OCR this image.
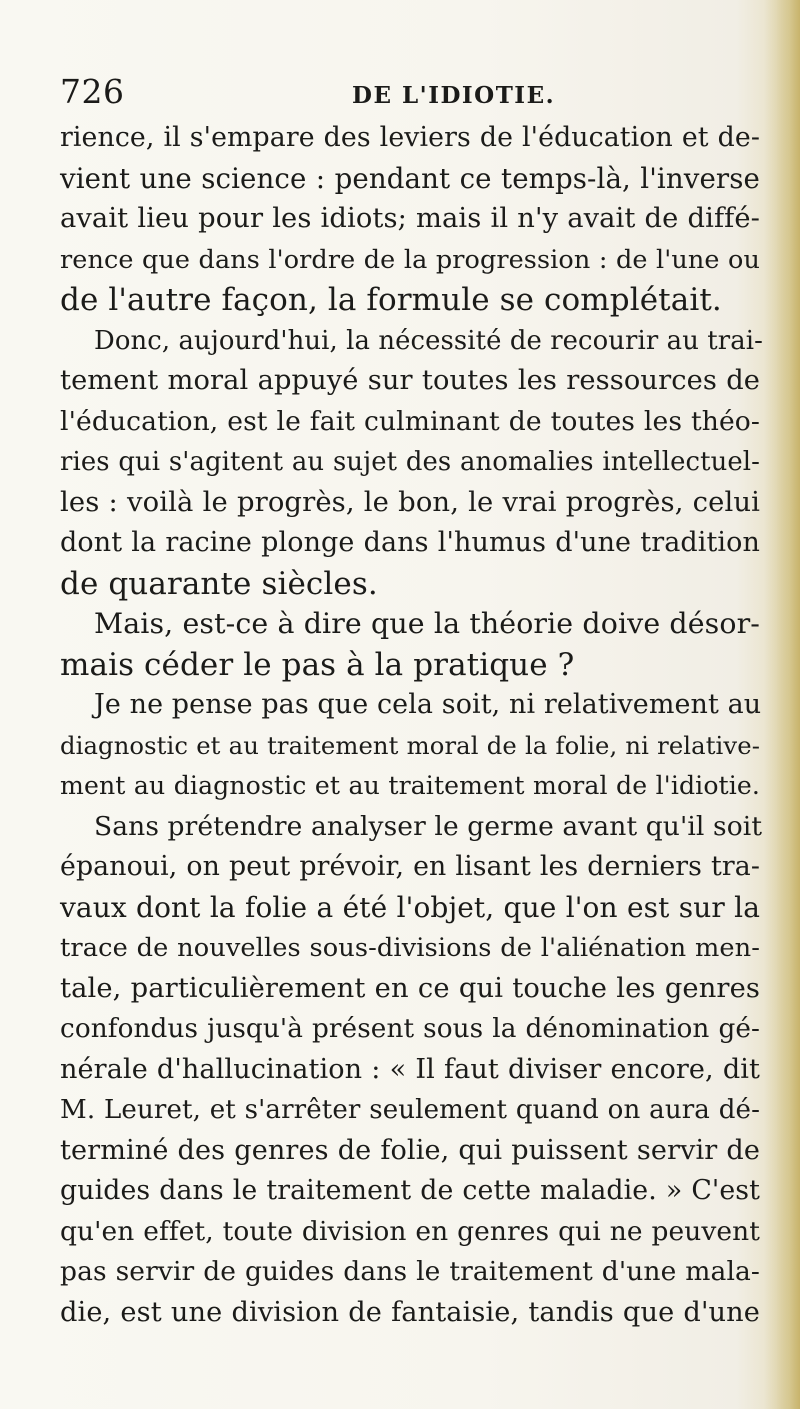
726	DE L'IDIOTIE.
rience, il s'empare des leviers de l'éducation et de-
vient une science : pendant ce temps-là, l'inverse
avait lieu pour les idiots; mais il n'y avait de diffé-
rence que dans l'ordre de la progression : de l'une ou
de l'autre façon, la formule se complétait.
Donc, aujourd'hui, la nécessité de recourir au trai-
tement moral appuyé sur toutes les ressources de
l'éducation, est le fait culminant de toutes les théo-
ries qui s'agitent au sujet des anomalies intellectuel-
les : voilà le progrès, le bon, le vrai progrès, celui
dont la racine plonge dans l'humus d'une tradition
de quarante siècles.
Mais, est-ce à dire que la théorie doive désor-
mais céder le pas à la pratique ?
Je ne pense pas que cela soit, ni relativement au
diagnostic et au traitement moral de la folie, ni relative-
ment au diagnostic et au traitement moral de l'idiotie.
Sans prétendre analyser le germe avant qu'il soit
épanoui, on peut prévoir, en lisant les derniers tra-
vaux dont la folie a été l'objet, que l'on est sur la
trace de nouvelles sous-divisions de l'aliénation men-
tale, particulièrement en ce qui touche les genres
confondus jusqu'à présent sous la dénomination gé-
nérale d'hallucination : « Il faut diviser encore, dit
M. Leuret, et s'arrêter seulement quand on aura dé-
terminé des genres de folie, qui puissent servir de
guides dans le traitement de cette maladie. » C'est
qu'en effet, toute division en genres qui ne peuvent
pas servir de guides dans le traitement d'une mala-
die, est une division de fantaisie, tandis que d'une
